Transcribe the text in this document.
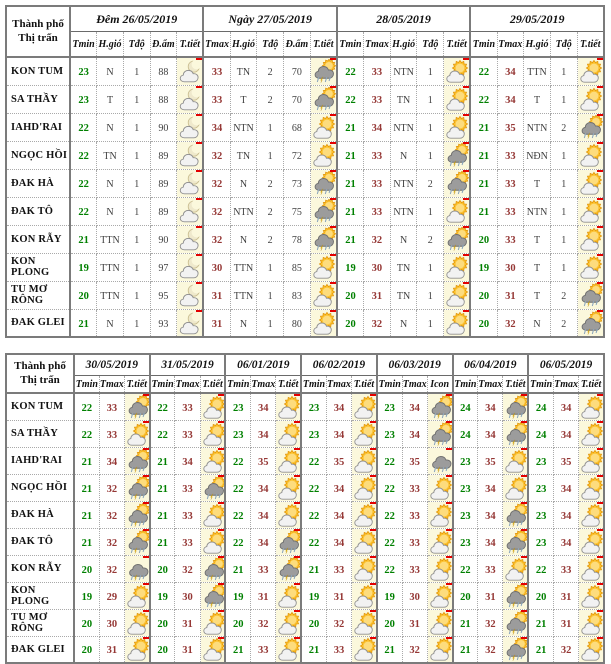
Thành phố
Thị trấn	Đêm 26/05/2019					Ngày 27/05/2019					28/05/2019					29/05/2019				
	Tmin	H.gió	Tđộ	Đ.ẩm	T.tiết	Tmax	H.gió	Tđộ	Đ.ẩm	T.tiết	Tmin	Tmax	H.gió	Tđộ	T.tiết	Tmin	Tmax	H.gió	Tđộ	T.tiết
KON TUM	23	N	1	88		33	TN	2	70		22	33	NTN	1		22	34	TTN	1	

SA THẦY	23	T	1	88		33	T	2	70		22	33	TN	1		22	34	T	1	

IAHD'RAI	22	N	1	90		34	NTN	1	68		21	34	NTN	1		21	35	NTN	2	

NGỌC HỒI	22	TN	1	89		32	TN	1	72		21	33	N	1		21	33	NĐN	1	

ĐAK HÀ	22	N	1	89		32	N	2	73		21	33	NTN	2		21	33	T	1	

ĐAK TÔ	22	N	1	89		32	NTN	2	75		21	33	NTN	1		21	33	NTN	1	

KON RẪY	21	TTN	1	90		32	N	2	78		21	32	N	2		20	33	T	1	

KON PLONG	19	TTN	1	97		30	TTN	1	85		19	30	TN	1		19	30	T	1	

TU MƠ RÔNG	20	TTN	1	95		31	TTN	1	83		20	31	TN	1		20	31	T	2	

ĐAK GLEI	21	N	1	93		31	N	1	80		20	32	N	1		20	32	N	2	
Thành phố
Thị trấn	30/05/2019			31/05/2019			06/01/2019			06/02/2019			06/03/2019			06/04/2019			06/05/2019		
	Tmin	Tmax	T.tiết	Tmin	Tmax	T.tiết	Tmin	Tmax	T.tiết	Tmin	Tmax	T.tiết	Tmin	Tmax	Icon	Tmin	Tmax	T.tiết	Tmin	Tmax	T.tiết
KON TUM	22	33		22	33		23	34		23	34		23	34		24	34		24	34	

SA THẦY	22	33		22	33		23	34		23	34		23	34		24	34		24	34	

IAHD'RAI	21	34		21	34		22	35		22	35		22	35		23	35		23	35	

NGỌC HỒI	21	32		21	33		22	34		22	34		22	33		23	34		23	34	

ĐAK HÀ	21	32		21	33		22	34		22	34		22	33		23	34		23	34	

ĐAK TÔ	21	32		21	33		22	34		22	34		22	33		23	34		23	34	

KON RẪY	20	32		20	32		21	33		21	33		22	33		22	33		22	33	

KON PLONG	19	29		19	30		19	31		19	31		19	30		20	31		20	31	

TU MƠ RÔNG	20	30		20	31		20	32		20	32		20	31		21	32		21	31	

ĐAK GLEI	20	31		20	31		21	33		21	33		21	32		21	32		21	32	
